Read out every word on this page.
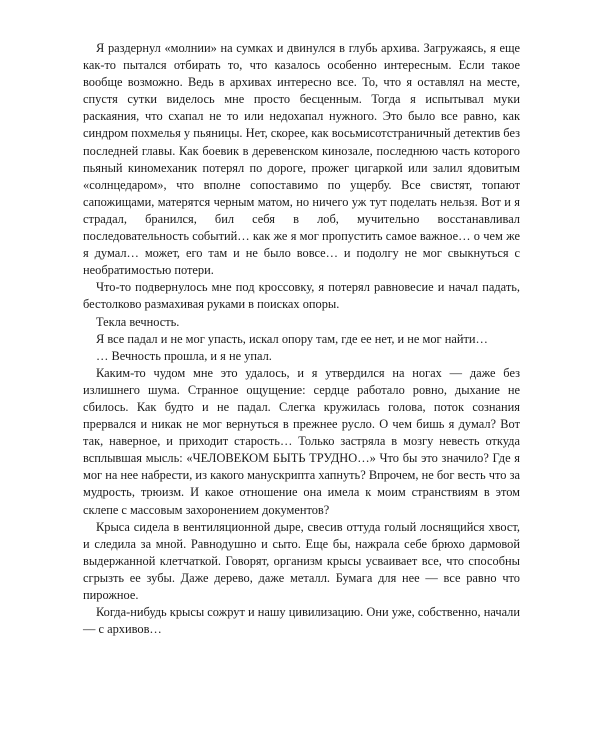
Я раздернул «молнии» на сумках и двинулся в глубь архива. Загружаясь, я еще как-то пытался отбирать то, что казалось особенно интересным. Если такое вообще возможно. Ведь в архивах интересно все. То, что я оставлял на месте, спустя сутки виделось мне просто бесценным. Тогда я испытывал муки раскаяния, что схапал не то или недохапал нужного. Это было все равно, как синдром похмелья у пьяницы. Нет, скорее, как восьмисотстраничный детектив без последней главы. Как боевик в деревенском кинозале, последнюю часть которого пьяный киномеханик потерял по дороге, прожег цигаркой или залил ядовитым «солнцедаром», что вполне сопоставимо по ущербу. Все свистят, топают сапожищами, матерятся черным матом, но ничего уж тут поделать нельзя. Вот и я страдал, бранился, бил себя в лоб, мучительно восстанавливал последовательность событий… как же я мог пропустить самое важное… о чем же я думал… может, его там и не было вовсе… и подолгу не мог свыкнуться с необратимостью потери.

Что-то подвернулось мне под кроссовку, я потерял равновесие и начал падать, бестолково размахивая руками в поисках опоры.

Текла вечность.

Я все падал и не мог упасть, искал опору там, где ее нет, и не мог найти…

… Вечность прошла, и я не упал.

Каким-то чудом мне это удалось, и я утвердился на ногах — даже без излишнего шума. Странное ощущение: сердце работало ровно, дыхание не сбилось. Как будто и не падал. Слегка кружилась голова, поток сознания прервался и никак не мог вернуться в прежнее русло. О чем бишь я думал? Вот так, наверное, и приходит старость… Только застряла в мозгу невесть откуда всплывшая мысль: «ЧЕЛОВЕКОМ БЫТЬ ТРУДНО…» Что бы это значило? Где я мог на нее набрести, из какого манускрипта хапнуть? Впрочем, не бог весть что за мудрость, трюизм. И какое отношение она имела к моим странствиям в этом склепе с массовым захоронением документов?

Крыса сидела в вентиляционной дыре, свесив оттуда голый лоснящийся хвост, и следила за мной. Равнодушно и сыто. Еще бы, нажрала себе брюхо дармовой выдержанной клетчаткой. Говорят, организм крысы усваивает все, что способны сгрызть ее зубы. Даже дерево, даже металл. Бумага для нее — все равно что пирожное.

Когда-нибудь крысы сожрут и нашу цивилизацию. Они уже, собственно, начали — с архивов…
